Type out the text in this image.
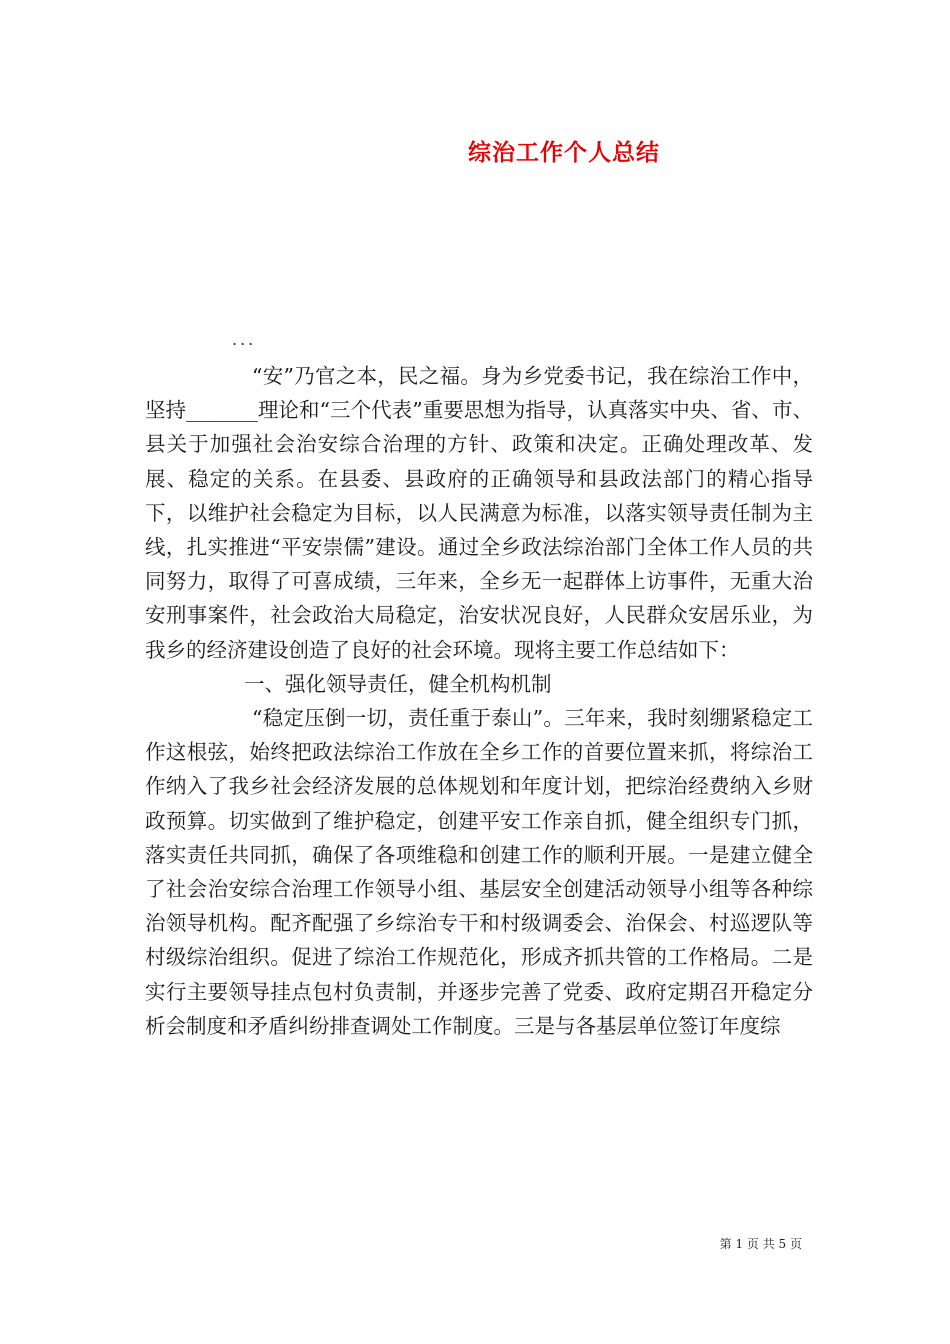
综治工作个人总结
...

“安”乃官之本，民之福。身为乡党委书记，我在综治工作中，坚持_______理论和“三个代表”重要思想为指导，认真落实中央、省、市、县关于加强社会治安综合治理的方针、政策和决定。正确处理改革、发展、稳定的关系。在县委、县政府的正确领导和县政法部门的精心指导下，以维护社会稳定为目标，以人民满意为标准，以落实领导责任制为主线，扎实推进“平安崇儒”建设。通过全乡政法综治部门全体工作人员的共同努力，取得了可喜成绩，三年来，全乡无一起群体上访事件，无重大治安刑事案件，社会政治大局稳定，治安状况良好，人民群众安居乐业，为我乡的经济建设创造了良好的社会环境。现将主要工作总结如下：

一、强化领导责任，健全机构机制

“稳定压倒一切，责任重于泰山”。三年来，我时刻绷紧稳定工作这根弦，始终把政法综治工作放在全乡工作的首要位置来抓，将综治工作纳入了我乡社会经济发展的总体规划和年度计划，把综治经费纳入乡财政预算。切实做到了维护稳定，创建平安工作亲自抓，健全组织专门抓，落实责任共同抓，确保了各项维稳和创建工作的顺利开展。一是建立健全了社会治安综合治理工作领导小组、基层安全创建活动领导小组等各种综治领导机构。配齐配强了乡综治专干和村级调委会、治保会、村巡逻队等村级综治组织。促进了综治工作规范化，形成齐抓共管的工作格局。二是实行主要领导挂点包村负责制，并逐步完善了党委、政府定期召开稳定分析会制度和矛盾纠纷排查调处工作制度。三是与各基层单位签订年度综

第 1 页 共 5 页
